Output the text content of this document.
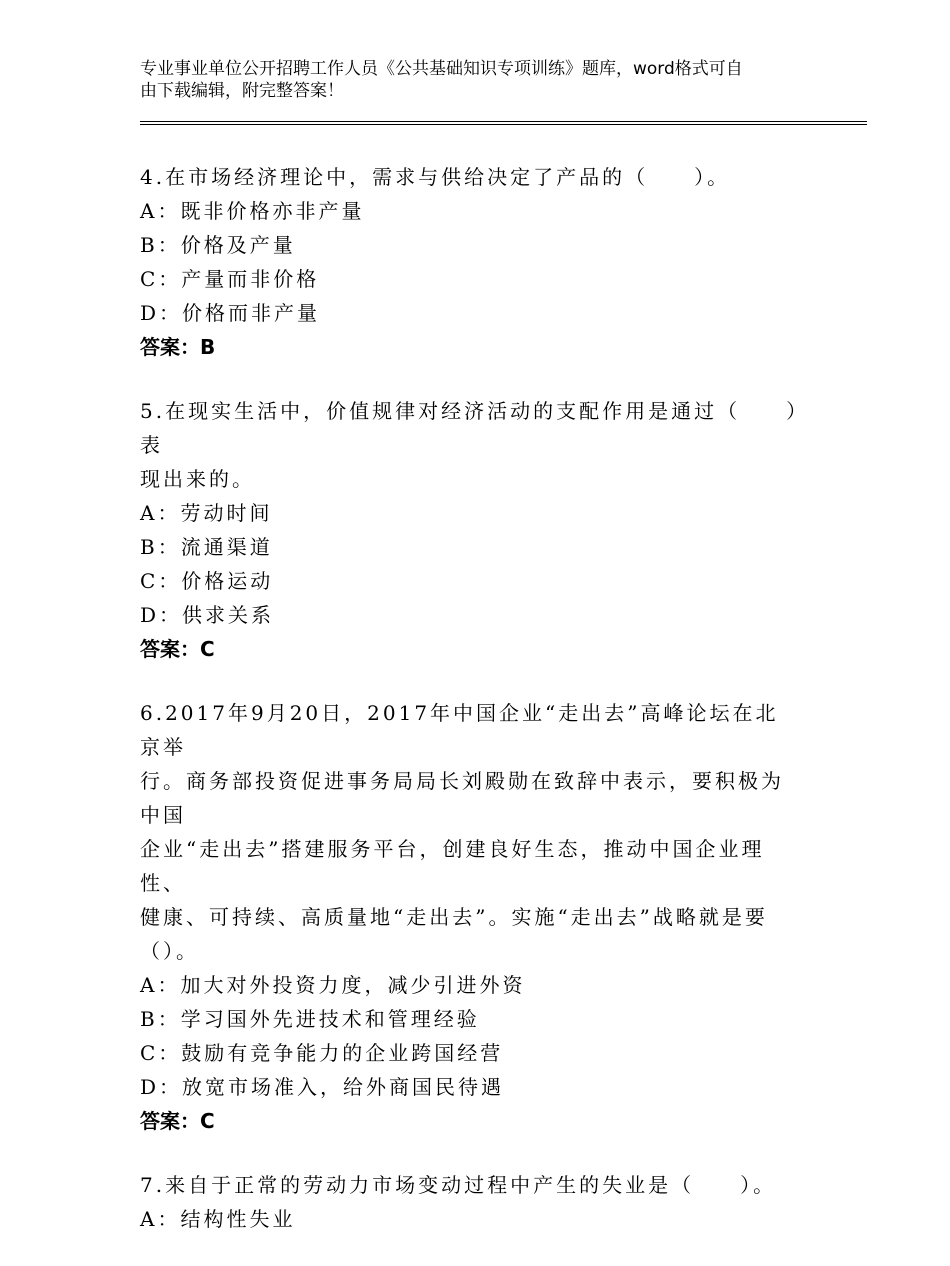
专业事业单位公开招聘工作人员《公共基础知识专项训练》题库，word格式可自
由下载编辑，附完整答案！
4.在市场经济理论中，需求与供给决定了产品的（　　）。
A：既非价格亦非产量
B：价格及产量
C：产量而非价格
D：价格而非产量
答案：B
5.在现实生活中，价值规律对经济活动的支配作用是通过（　　）表
现出来的。
A：劳动时间
B：流通渠道
C：价格运动
D：供求关系
答案：C
6.2017年9月20日，2017年中国企业“走出去”高峰论坛在北京举
行。商务部投资促进事务局局长刘殿勋在致辞中表示，要积极为中国
企业“走出去”搭建服务平台，创建良好生态，推动中国企业理性、
健康、可持续、高质量地“走出去”。实施“走出去”战略就是要
（）。
A：加大对外投资力度，减少引进外资
B：学习国外先进技术和管理经验
C：鼓励有竞争能力的企业跨国经营
D：放宽市场准入，给外商国民待遇
答案：C
7.来自于正常的劳动力市场变动过程中产生的失业是（　　）。
A：结构性失业
